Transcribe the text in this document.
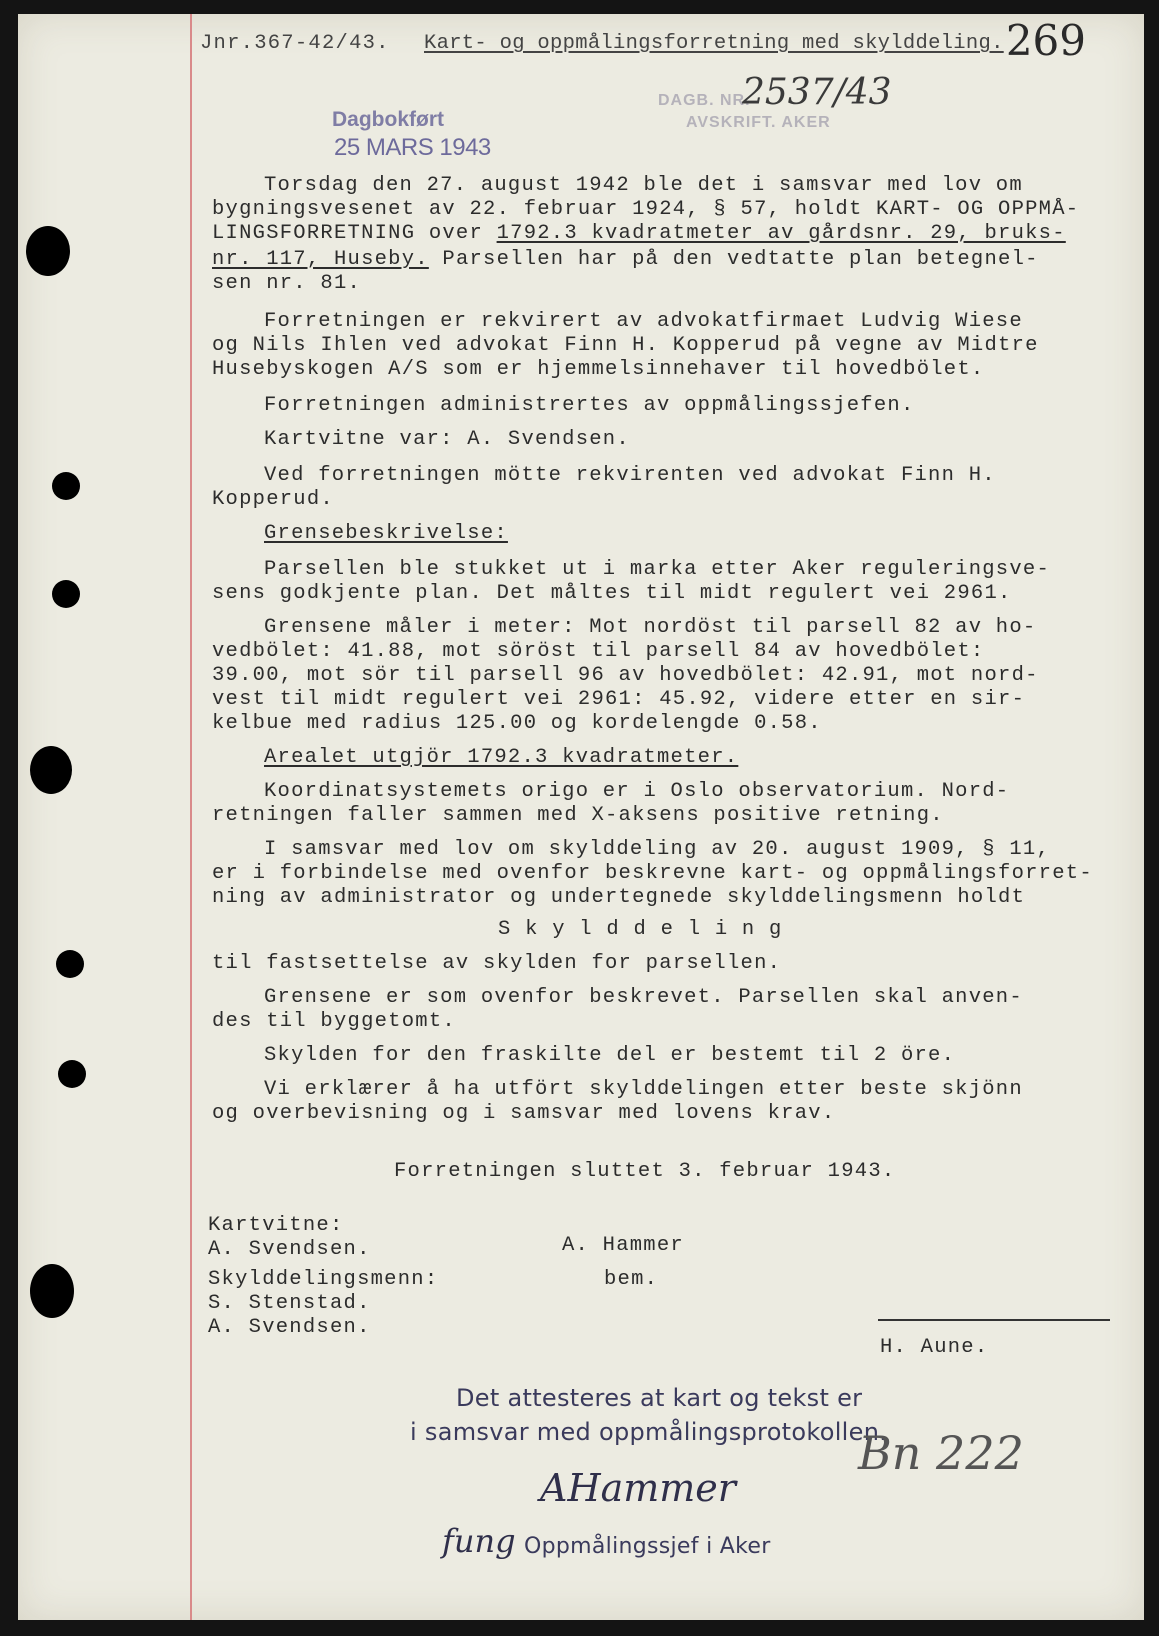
Jnr.367-42/43. Kart- og oppmålingsforretning med skylddeling. 269
Dagbokført
25 MARS 1943
DAGB. NR.
2537/43
AVSKRIFT. AKER
Torsdag den 27. august 1942 ble det i samsvar med lov om
bygningsvesenet av 22. februar 1924, § 57, holdt KART- OG OPPMÅ-
LINGSFORRETNING over 1792.3 kvadratmeter av gårdsnr. 29, bruks-
nr. 117, Huseby. Parsellen har på den vedtatte plan betegnel-
sen nr. 81.
Forretningen er rekvirert av advokatfirmaet Ludvig Wiese
og Nils Ihlen ved advokat Finn H. Kopperud på vegne av Midtre
Husebyskogen A/S som er hjemmelsinnehaver til hovedbölet.
Forretningen administrertes av oppmålingssjefen.
Kartvitne var: A. Svendsen.
Ved forretningen mötte rekvirenten ved advokat Finn H.
Kopperud.
Grensebeskrivelse:
Parsellen ble stukket ut i marka etter Aker reguleringsve-
sens godkjente plan. Det måltes til midt regulert vei 2961.
Grensene måler i meter: Mot nordöst til parsell 82 av ho-
vedbölet: 41.88, mot söröst til parsell 84 av hovedbölet:
39.00, mot sör til parsell 96 av hovedbölet: 42.91, mot nord-
vest til midt regulert vei 2961: 45.92, videre etter en sir-
kelbue med radius 125.00 og kordelengde 0.58.
Arealet utgjör 1792.3 kvadratmeter.
Koordinatsystemets origo er i Oslo observatorium. Nord-
retningen faller sammen med X-aksens positive retning.
I samsvar med lov om skylddeling av 20. august 1909, § 11,
er i forbindelse med ovenfor beskrevne kart- og oppmålingsforret-
ning av administrator og undertegnede skylddelingsmenn holdt
S k y l d d e l i n g
til fastsettelse av skylden for parsellen.
Grensene er som ovenfor beskrevet. Parsellen skal anven-
des til byggetomt.
Skylden for den fraskilte del er bestemt til 2 öre.
Vi erklærer å ha utfört skylddelingen etter beste skjönn
og overbevisning og i samsvar med lovens krav.
Forretningen sluttet 3. februar 1943.
Kartvitne:
A. Svendsen.	A. Hammer
bem.
Skylddelingsmenn:
S. Stenstad.
A. Svendsen.
H. Aune.
Det attesteres at kart og tekst er
i samsvar med oppmålingsprotokollen.
Bn 222
AHammer
fung Oppmålingssjef i Aker
